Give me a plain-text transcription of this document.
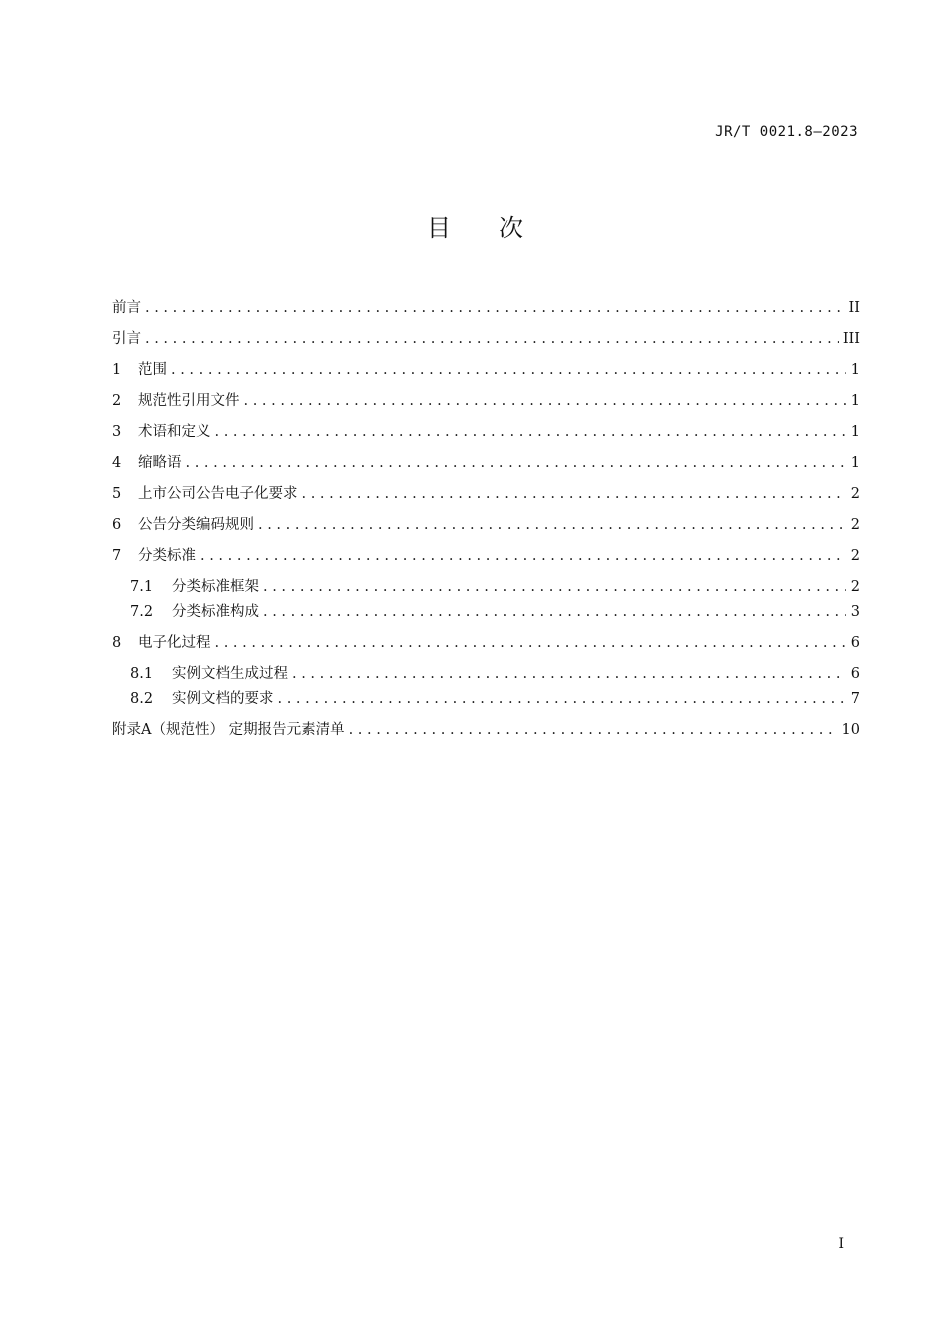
JR/T 0021.8—2023
目次
前言 . . .	II
引言 . . .	III
1	范围 . . .	1
2	规范性引用文件 . . .	1
3	术语和定义 . . .	1
4	缩略语 . . .	1
5	上市公司公告电子化要求 . . .	2
6	公告分类编码规则 . . .	2
7	分类标准 . . .	2
7.1	分类标准框架 . . .	2
7.2	分类标准构成 . . .	3
8	电子化过程 . . .	6
8.1	实例文档生成过程 . . .	6
8.2	实例文档的要求 . . .	7
附录A（规范性） 定期报告元素清单 . . .	10
I
